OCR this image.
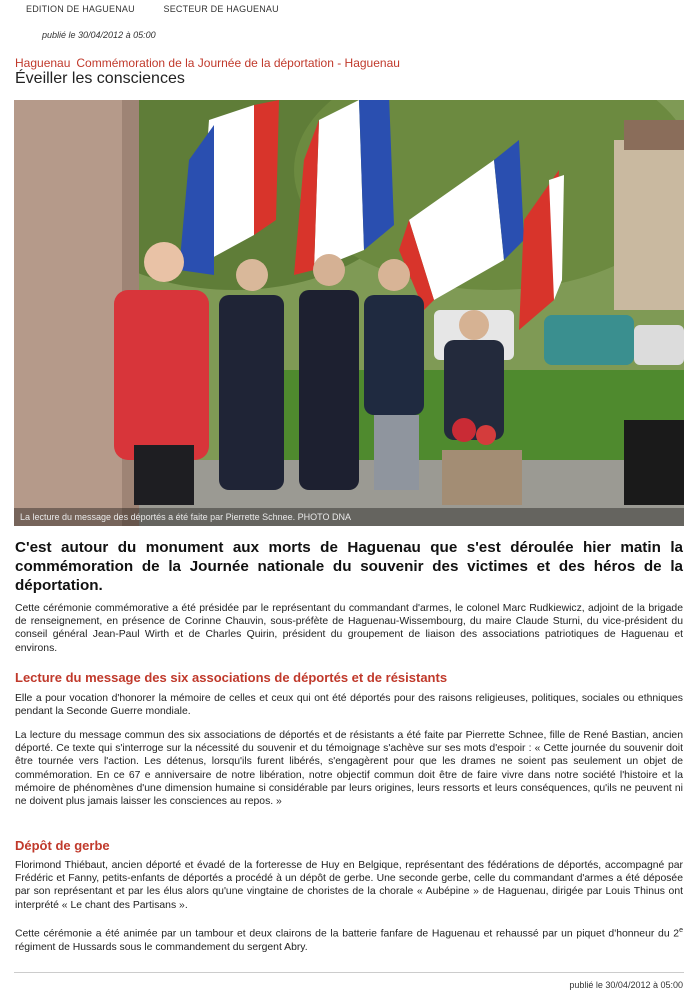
EDITION DE HAGUENAU	SECTEUR DE HAGUENAU
publié le 30/04/2012 à 05:00
Haguenau Commémoration de la Journée de la déportation - Haguenau
Éveiller les consciences
La lecture du message des déportés a été faite par Pierrette Schnee. PHOTO DNA
C'est autour du monument aux morts de Haguenau que s'est déroulée hier matin la commémoration de la Journée nationale du souvenir des victimes et des héros de la déportation.
Cette cérémonie commémorative a été présidée par le représentant du commandant d'armes, le colonel Marc Rudkiewicz, adjoint de la brigade de renseignement, en présence de Corinne Chauvin, sous-préfète de Haguenau-Wissembourg, du maire Claude Sturni, du vice-président du conseil général Jean-Paul Wirth et de Charles Quirin, président du groupement de liaison des associations patriotiques de Haguenau et environs.
Lecture du message des six associations de déportés et de résistants
Elle a pour vocation d'honorer la mémoire de celles et ceux qui ont été déportés pour des raisons religieuses, politiques, sociales ou ethniques pendant la Seconde Guerre mondiale.
La lecture du message commun des six associations de déportés et de résistants a été faite par Pierrette Schnee, fille de René Bastian, ancien déporté. Ce texte qui s'interroge sur la nécessité du souvenir et du témoignage s'achève sur ses mots d'espoir : « Cette journée du souvenir doit être tournée vers l'action. Les détenus, lorsqu'ils furent libérés, s'engagèrent pour que les drames ne soient pas seulement un objet de commémoration. En ce 67 e anniversaire de notre libération, notre objectif commun doit être de faire vivre dans notre société l'histoire et la mémoire de phénomènes d'une dimension humaine si considérable par leurs origines, leurs ressorts et leurs conséquences, qu'ils ne peuvent ni ne doivent plus jamais laisser les consciences au repos. »
Dépôt de gerbe
Florimond Thiébaut, ancien déporté et évadé de la forteresse de Huy en Belgique, représentant des fédérations de déportés, accompagné par Frédéric et Fanny, petits-enfants de déportés a procédé à un dépôt de gerbe. Une seconde gerbe, celle du commandant d'armes a été déposée par son représentant et par les élus alors qu'une vingtaine de choristes de la chorale « Aubépine » de Haguenau, dirigée par Louis Thinus ont interprété « Le chant des Partisans ».
Cette cérémonie a été animée par un tambour et deux clairons de la batterie fanfare de Haguenau et rehaussé par un piquet d'honneur du 2e régiment de Hussards sous le commandement du sergent Abry.
publié le 30/04/2012 à 05:00
